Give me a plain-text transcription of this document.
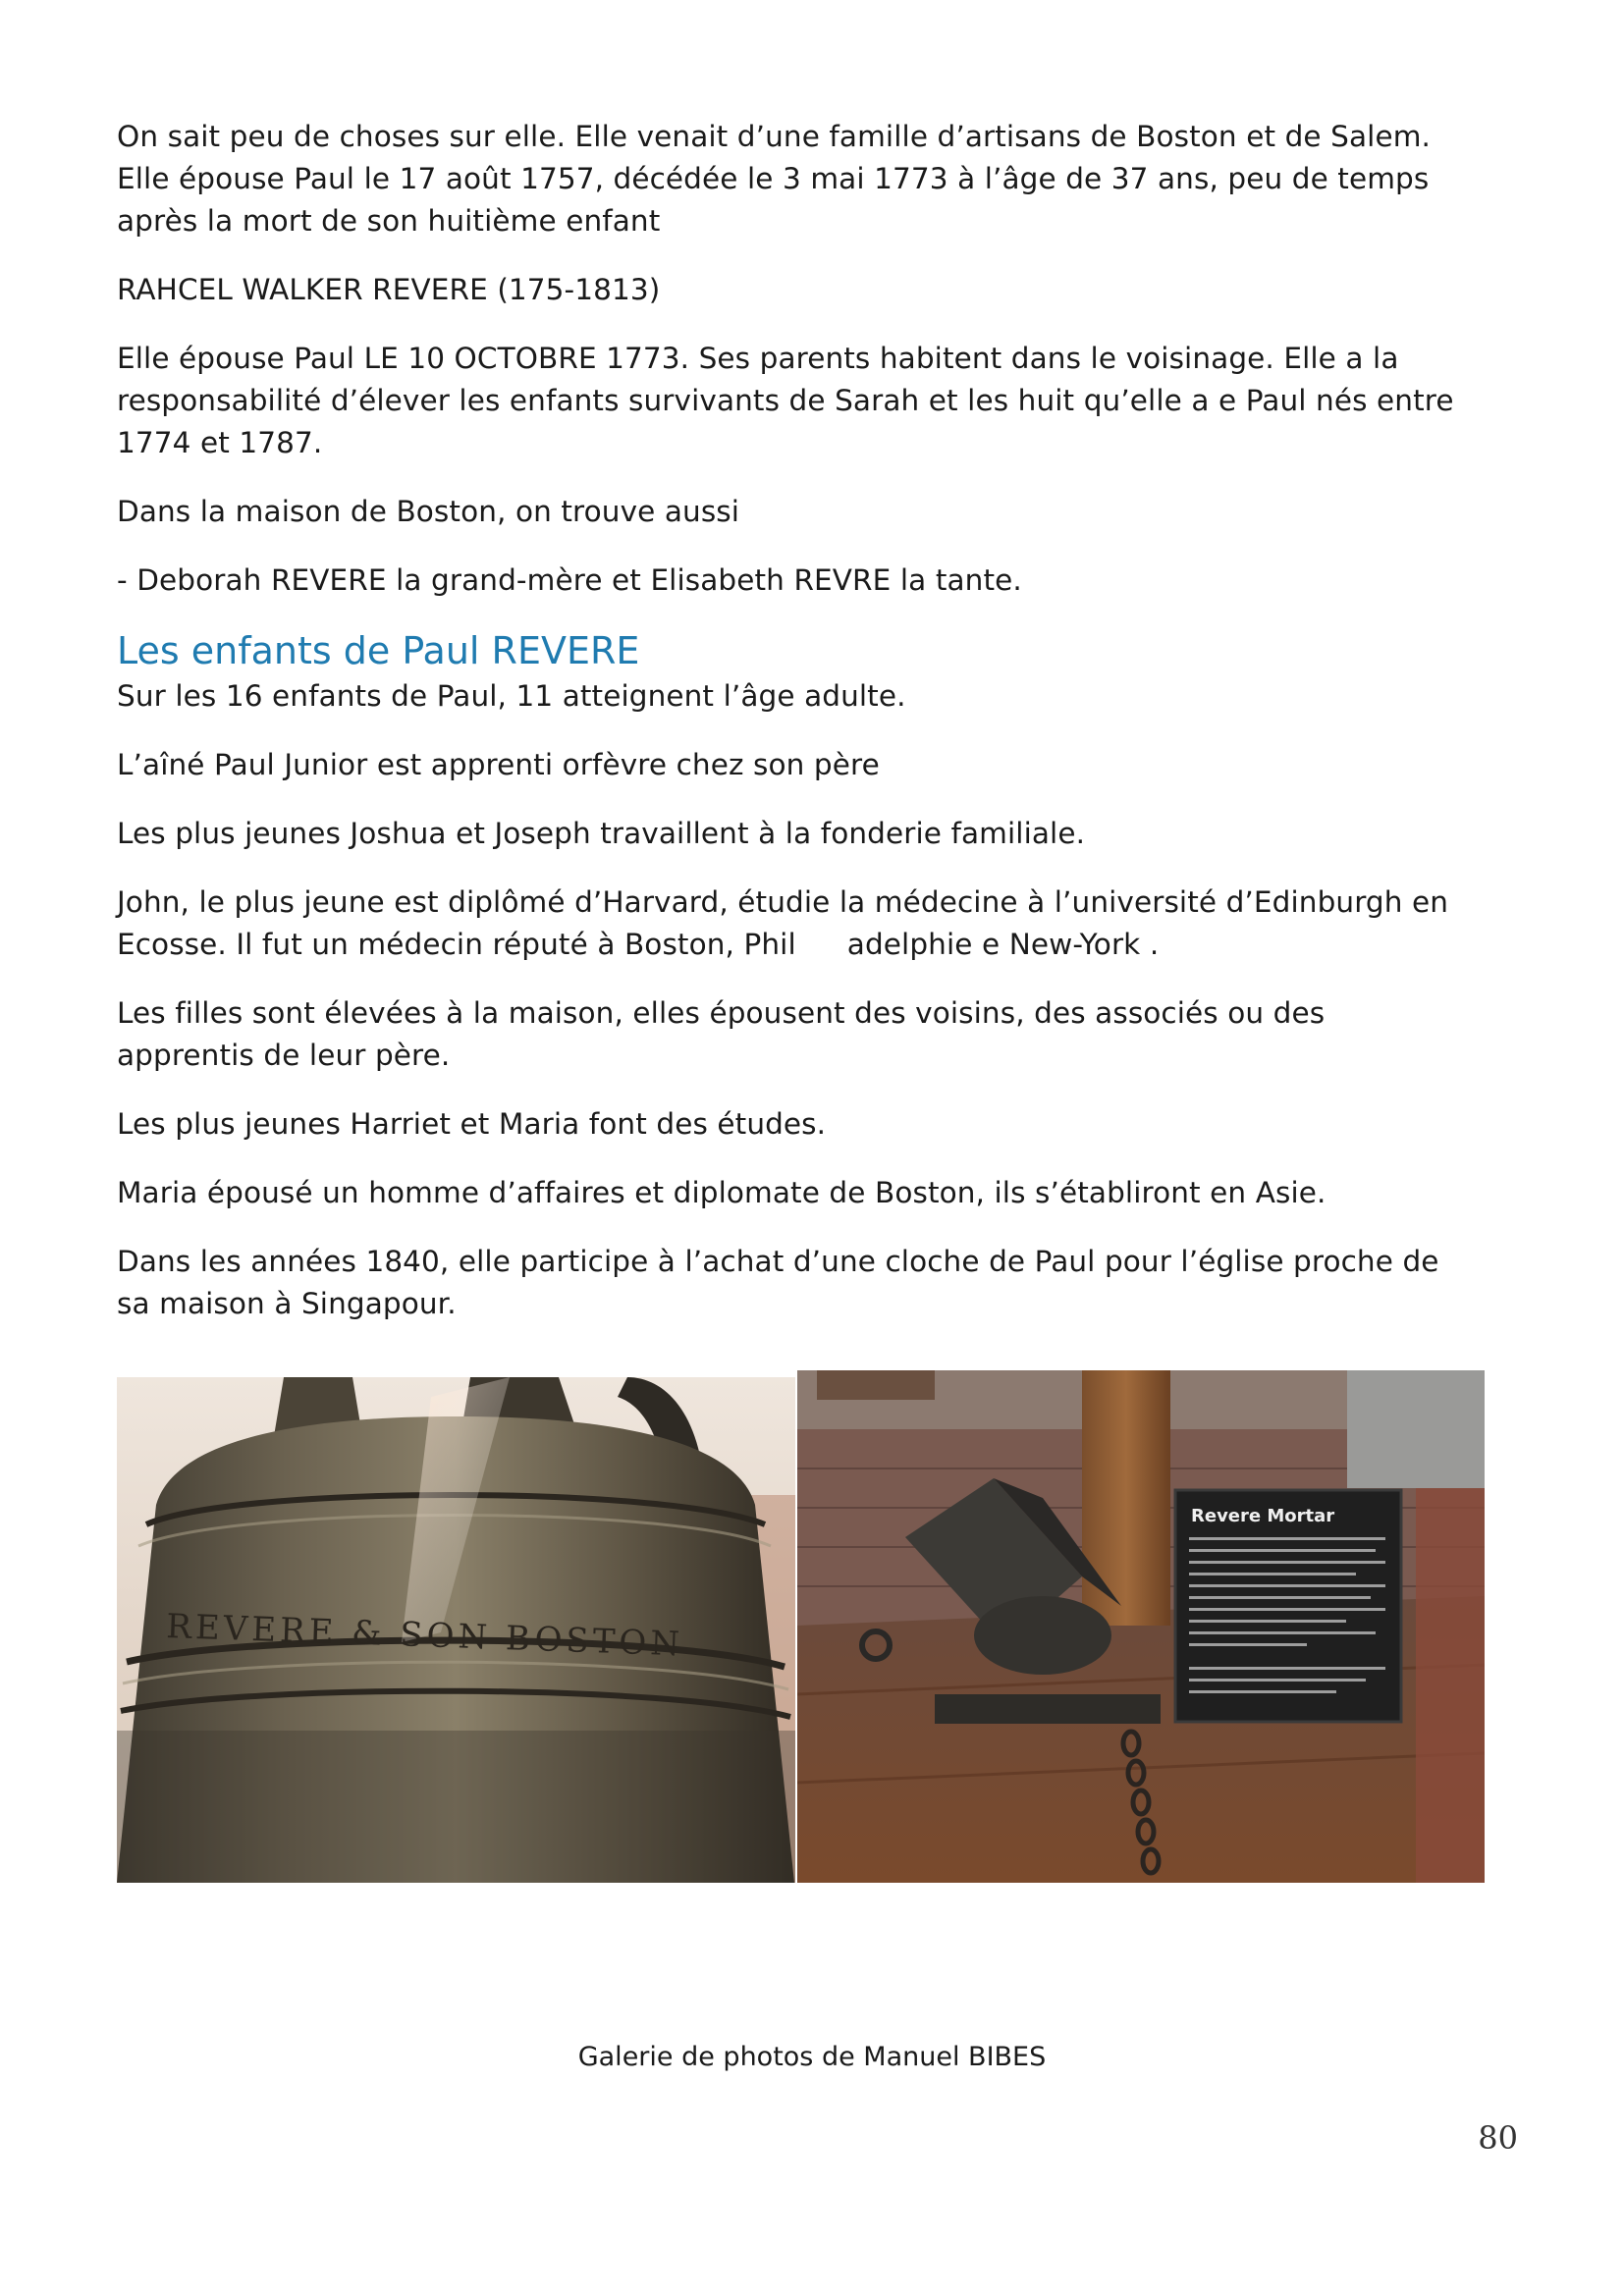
On sait peu de choses sur elle. Elle venait d’une famille d’artisans de Boston et de Salem.
Elle épouse Paul le 17 août 1757, décédée le 3 mai 1773 à l’âge de 37 ans, peu de temps
après la mort de son huitième enfant

RAHCEL WALKER REVERE (175-1813)

Elle épouse Paul LE 10 OCTOBRE 1773. Ses parents habitent dans le voisinage. Elle a la
responsabilité d’élever les enfants survivants de Sarah et les huit qu’elle a e Paul nés entre
1774 et 1787.

Dans la maison de Boston, on trouve aussi

- Deborah REVERE la grand-mère et Elisabeth REVRE la tante.

Les enfants de Paul REVERE

Sur les 16 enfants de Paul, 11 atteignent l’âge adulte.

L’aîné Paul Junior est apprenti orfèvre chez son père

Les plus jeunes Joshua et Joseph travaillent à la fonderie familiale.

John, le plus jeune est diplômé d’Harvard, étudie la médecine à l’université d’Edinburgh en
Ecosse. Il fut un médecin réputé à Boston, Phil adelphie e New-York .

Les filles sont élevées à la maison, elles épousent des voisins, des associés ou des
apprentis de leur père.

Les plus jeunes Harriet et Maria font des études.

Maria épousé un homme d’affaires et diplomate de Boston, ils s’établiront en Asie.

Dans les années 1840, elle participe à l’achat d’une cloche de Paul pour l’église proche de
sa maison à Singapour.

REVERE & SON BOSTON
Revere Mortar
Galerie de photos de Manuel BIBES
80
